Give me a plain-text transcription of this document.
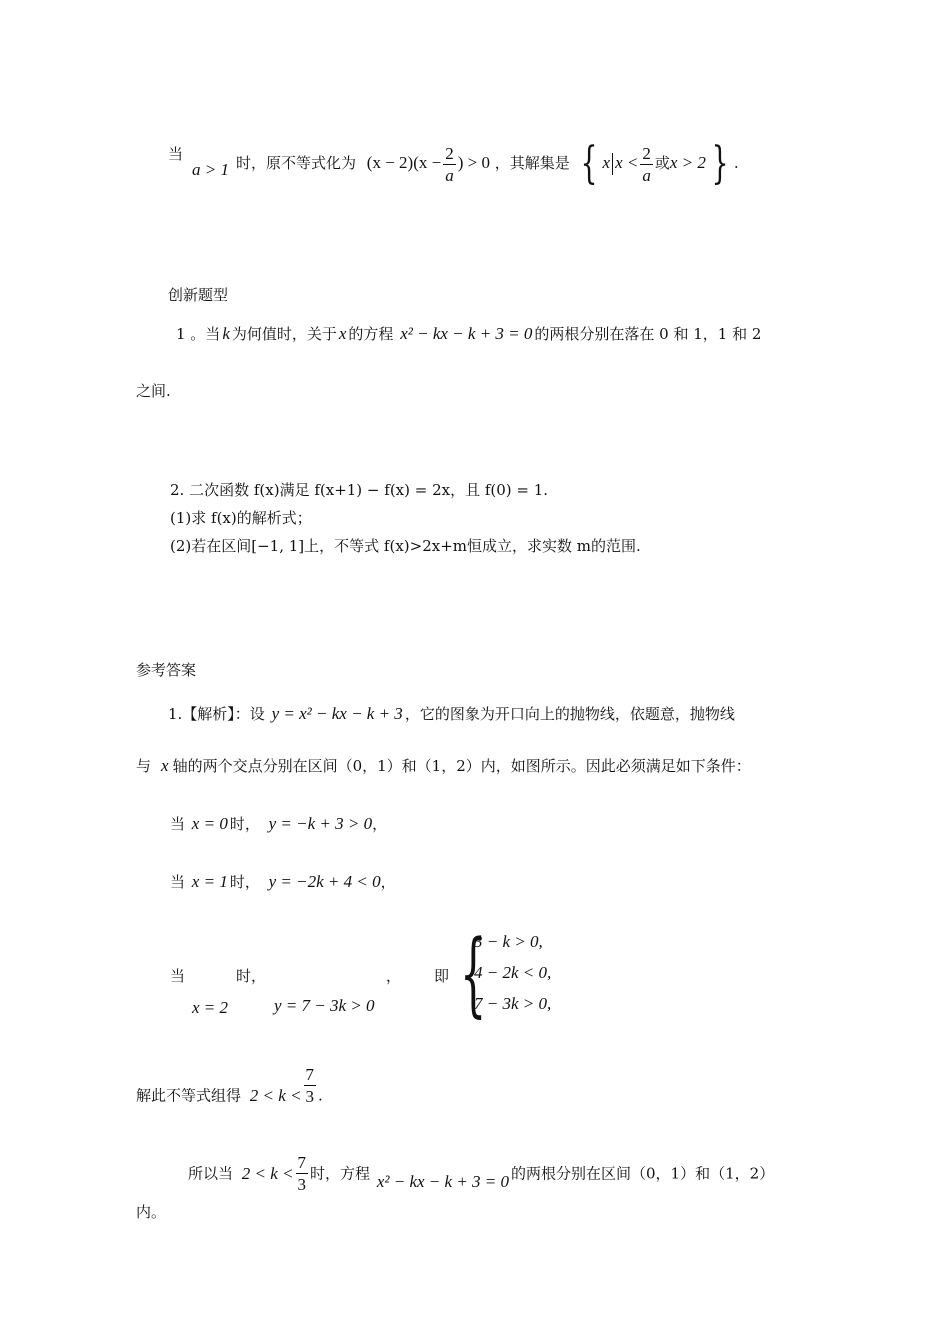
当
a > 1 时，原不等式化为 $(x - 2)(x - \frac{2}{a}$ ) > 0 ，其解集是 { x $x < \frac{2}{a}$ 或x > 2 } .
创新题型
1 。当 k 为何值时，关于 x 的方程 x² − kx − k + 3 = 0 的两根分别在落在 0 和 1，1 和 2
之间.
2. 二次函数 f(x)满足 f(x+1) − f(x) = 2x，且 f(0) = 1.
(1)求 f(x)的解析式；
(2)若在区间[−1, 1]上，不等式 f(x)>2x+m恒成立，求实数 m的范围.
参考答案
1.【解析】：设 y = x² − kx − k + 3 ，它的图象为开口向上的抛物线，依题意，抛物线
与 x 轴的两个交点分别在区间（0，1）和（1，2）内，如图所示。因此必须满足如下条件：
当 x = 0 时， y = −k + 3 > 0，
当 x = 1 时， y = −2k + 4 < 0，
当	时，	， 即
x = 2	y = 7 − 3k > 0 {
3 − k > 0,
4 − 2k < 0,
7 − 3k > 0,
解此不等式组得 $2 < k < \frac{7}{3}$ .
所以当 $2 < k < \frac{7}{3}$ 时，方程 x² − kx − k + 3 = 0 的两根分别在区间（0，1）和（1，2）
内。
